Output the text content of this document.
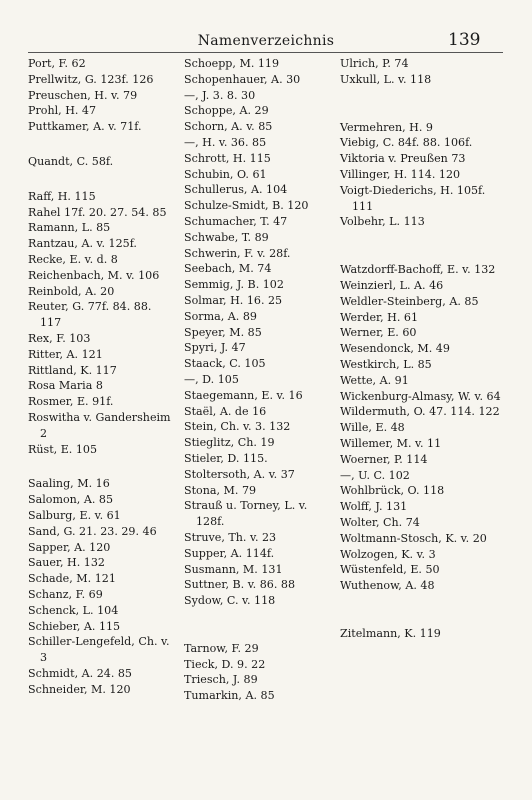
Namenverzeichnis	139
Port, F. 62
Prellwitz, G. 123f. 126
Preuschen, H. v. 79
Prohl, H. 47
Puttkamer, A. v. 71f.
Quandt, C. 58f.
Raff, H. 115
Rahel 17f. 20. 27. 54. 85
Ramann, L. 85
Rantzau, A. v. 125f.
Recke, E. v. d. 8
Reichenbach, M. v. 106
Reinbold, A. 20
Reuter, G. 77f. 84. 88. 117
Rex, F. 103
Ritter, A. 121
Rittland, K. 117
Rosa Maria 8
Rosmer, E. 91f.
Roswitha v. Gandersheim 2
Rüst, E. 105
Saaling, M. 16
Salomon, A. 85
Salburg, E. v. 61
Sand, G. 21. 23. 29. 46
Sapper, A. 120
Sauer, H. 132
Schade, M. 121
Schanz, F. 69
Schenck, L. 104
Schieber, A. 115
Schiller-Lengefeld, Ch. v. 3
Schmidt, A. 24. 85
Schneider, M. 120
Schoepp, M. 119
Schopenhauer, A. 30
—, J. 3. 8. 30
Schoppe, A. 29
Schorn, A. v. 85
—, H. v. 36. 85
Schrott, H. 115
Schubin, O. 61
Schullerus, A. 104
Schulze-Smidt, B. 120
Schumacher, T. 47
Schwabe, T. 89
Schwerin, F. v. 28f.
Seebach, M. 74
Semmig, J. B. 102
Solmar, H. 16. 25
Sorma, A. 89
Speyer, M. 85
Spyri, J. 47
Staack, C. 105
—, D. 105
Staegemann, E. v. 16
Staël, A. de 16
Stein, Ch. v. 3. 132
Stieglitz, Ch. 19
Stieler, D. 115.
Stoltersoth, A. v. 37
Stona, M. 79
Strauß u. Torney, L. v. 128f.
Struve, Th. v. 23
Supper, A. 114f.
Susmann, M. 131
Suttner, B. v. 86. 88
Sydow, C. v. 118
Tarnow, F. 29
Tieck, D. 9. 22
Triesch, J. 89
Tumarkin, A. 85
Ulrich, P. 74
Uxkull, L. v. 118
Vermehren, H. 9
Viebig, C. 84f. 88. 106f.
Viktoria v. Preußen 73
Villinger, H. 114. 120
Voigt-Diederichs, H. 105f. 111
Volbehr, L. 113
Watzdorff-Bachoff, E. v. 132
Weinzierl, L. A. 46
Weldler-Steinberg, A. 85
Werder, H. 61
Werner, E. 60
Wesendonck, M. 49
Westkirch, L. 85
Wette, A. 91
Wickenburg-Almasy, W. v. 64
Wildermuth, O. 47. 114. 122
Wille, E. 48
Willemer, M. v. 11
Woerner, P. 114
—, U. C. 102
Wohlbrück, O. 118
Wolff, J. 131
Wolter, Ch. 74
Woltmann-Stosch, K. v. 20
Wolzogen, K. v. 3
Wüstenfeld, E. 50
Wuthenow, A. 48
Zitelmann, K. 119
